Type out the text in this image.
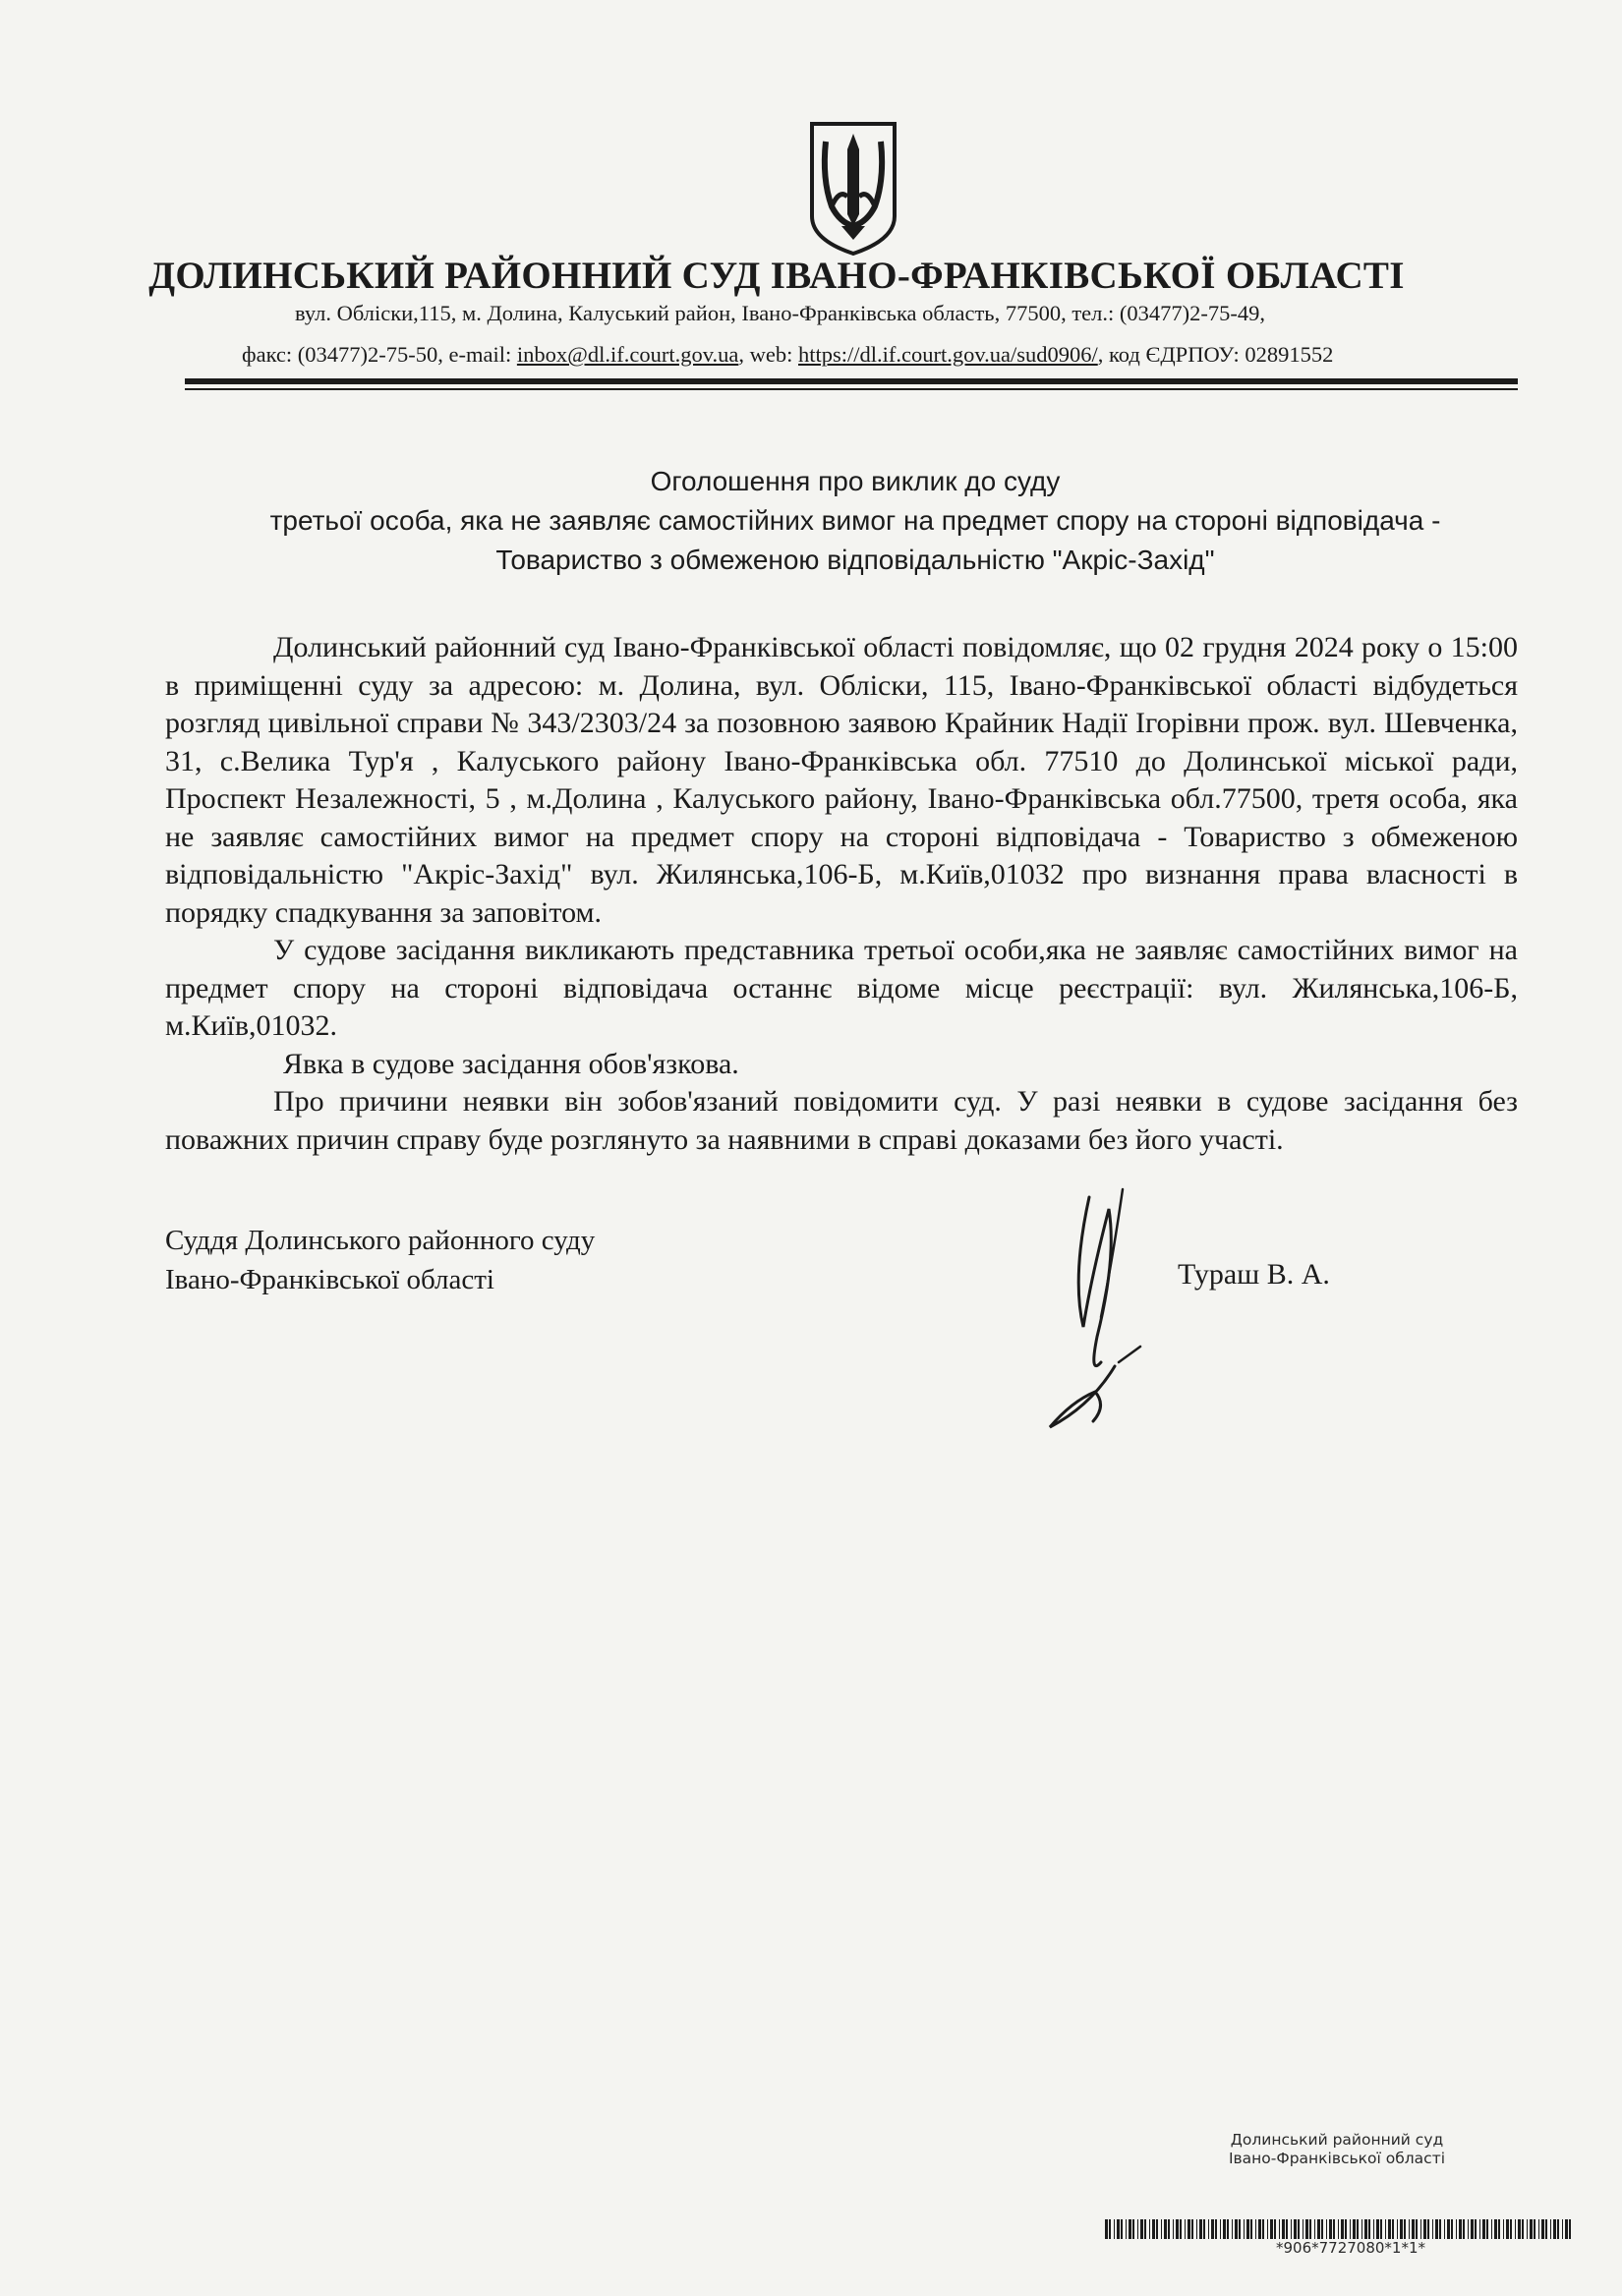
ДОЛИНСЬКИЙ РАЙОННИЙ СУД ІВАНО-ФРАНКІВСЬКОЇ ОБЛАСТІ
вул. Обліски,115, м. Долина, Калуський район, Івано-Франківська область, 77500, тел.: (03477)2-75-49,
факс: (03477)2-75-50, e-mail: inbox@dl.if.court.gov.ua, web: https://dl.if.court.gov.ua/sud0906/, код ЄДРПОУ: 02891552
Оголошення про виклик до суду
третьої особа, яка не заявляє самостійних вимог на предмет спору на стороні відповідача -
Товариство з обмеженою відповідальністю "Акріс-Захід"

Долинський районний суд Івано-Франківської області повідомляє, що 02 грудня 2024 року о 15:00 в приміщенні суду за адресою: м. Долина, вул. Обліски, 115, Івано-Франківської області відбудеться розгляд цивільної справи № 343/2303/24 за позовною заявою Крайник Надії Ігорівни прож. вул. Шевченка, 31, с.Велика Тур'я , Калуського району Івано-Франківська обл. 77510 до Долинської міської ради, Проспект Незалежності, 5 , м.Долина , Калуського району, Івано-Франківська обл.77500, третя особа, яка не заявляє самостійних вимог на предмет спору на стороні відповідача - Товариство з обмеженою відповідальністю "Акріс-Захід" вул. Жилянська,106-Б, м.Київ,01032 про визнання права власності в порядку спадкування за заповітом.

У судове засідання викликають представника третьої особи,яка не заявляє самостійних вимог на предмет спору на стороні відповідача останнє відоме місце реєстрації: вул. Жилянська,106-Б, м.Київ,01032.

Явка в судове засідання обов'язкова.

Про причини неявки він зобов'язаний повідомити суд. У разі неявки в судове засідання без поважних причин справу буде розглянуто за наявними в справі доказами без його участі.

Суддя Долинського районного суду
Івано-Франківської області	Тураш В. А.
Долинський районний суд
Івано-Франківської області
*906*7727080*1*1*
